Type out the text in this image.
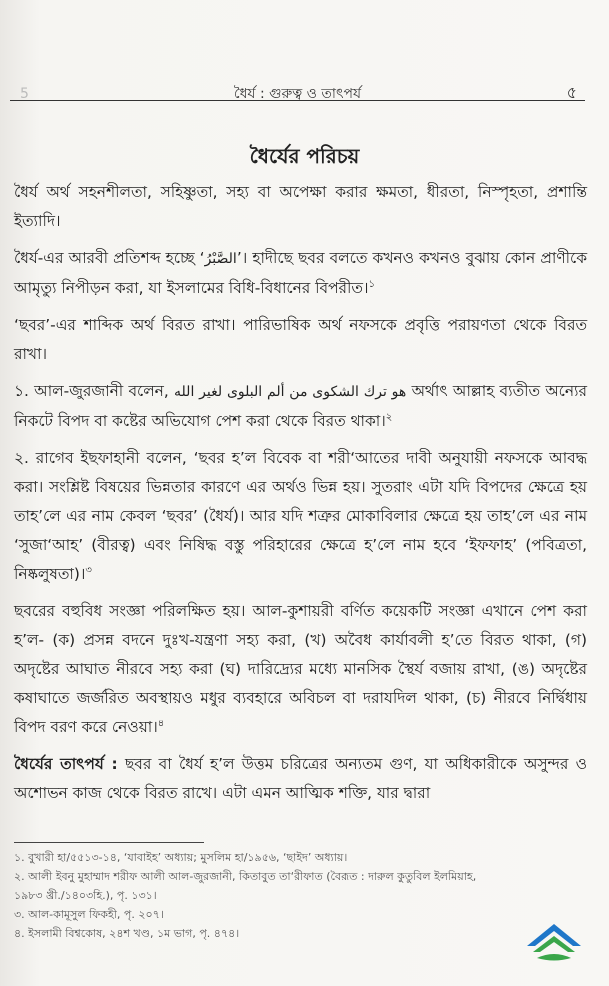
5	ধৈর্য : গুরুত্ব ও তাৎপর্য	৫
ধৈর্যের পরিচয়

ধৈর্য অর্থ সহনশীলতা, সহিষ্ণুতা, সহ্য বা অপেক্ষা করার ক্ষমতা, ধীরতা, নিস্পৃহতা, প্রশান্তি ইত্যাদি।

ধৈর্য-এর আরবী প্রতিশব্দ হচ্ছে ‘الصَّبْرُ’। হাদীছে ছবর বলতে কখনও কখনও বুঝায় কোন প্রাণীকে আমৃত্যু নিপীড়ন করা, যা ইসলামের বিধি-বিধানের বিপরীত।$^১$

‘ছবর’-এর শাব্দিক অর্থ বিরত রাখা। পারিভাষিক অর্থ নফসকে প্রবৃত্তি পরায়ণতা থেকে বিরত রাখা।

১. আল-জুরজানী বলেন, هو ترك الشكوى من ألم البلوى لغير الله অর্থাৎ আল্লাহ ব্যতীত অন্যের নিকটে বিপদ বা কষ্টের অভিযোগ পেশ করা থেকে বিরত থাকা।$^২$

২. রাগেব ইছফাহানী বলেন, ‘ছবর হ’ল বিবেক বা শরী‘আতের দাবী অনুযায়ী নফসকে আবদ্ধ করা। সংশ্লিষ্ট বিষয়ের ভিন্নতার কারণে এর অর্থও ভিন্ন হয়। সুতরাং এটা যদি বিপদের ক্ষেত্রে হয় তাহ’লে এর নাম কেবল ‘ছবর’ (ধৈর্য)। আর যদি শত্রুর মোকাবিলার ক্ষেত্রে হয় তাহ’লে এর নাম ‘সুজা‘আহ’ (বীরত্ব) এবং নিষিদ্ধ বস্তু পরিহারের ক্ষেত্রে হ’লে নাম হবে ‘ইফফাহ’ (পবিত্রতা, নিষ্কলুষতা)।$^৩$

ছবরের বহুবিধ সংজ্ঞা পরিলক্ষিত হয়। আল-কুশায়রী বর্ণিত কয়েকটি সংজ্ঞা এখানে পেশ করা হ’ল- (ক) প্রসন্ন বদনে দুঃখ-যন্ত্রণা সহ্য করা, (খ) অবৈধ কার্যাবলী হ’তে বিরত থাকা, (গ) অদৃষ্টের আঘাত নীরবে সহ্য করা (ঘ) দারিদ্র্যের মধ্যে মানসিক স্থৈর্য বজায় রাখা, (ঙ) অদৃষ্টের কষাঘাতে জর্জরিত অবস্থায়ও মধুর ব্যবহারে অবিচল বা দরাযদিল থাকা, (চ) নীরবে নির্দ্বিধায় বিপদ বরণ করে নেওয়া।$^৪$

ধৈর্যের তাৎপর্য : ছবর বা ধৈর্য হ’ল উত্তম চরিত্রের অন্যতম গুণ, যা অধিকারীকে অসুন্দর ও অশোভন কাজ থেকে বিরত রাখে। এটা এমন আত্মিক শক্তি, যার দ্বারা

১. বুখারী হা/৫৫১৩-১৪, ‘যাবাইহ’ অধ্যায়; মুসলিম হা/১৯৫৬, ‘ছাইদ’ অধ্যায়।
২. আলী ইবনু মুহাম্মাদ শরীফ আলী আল-জুরজানী, কিতাবুত তা‘রীফাত (বৈরূত : দারুল কুতুবিল ইলমিয়াহ,
১৯৮৩ খ্রী./১৪০৩হি.), পৃ. ১৩১।
৩. আল-কামূসুল ফিকহী, পৃ. ২০৭।
৪. ইসলামী বিশ্বকোষ, ২৪শ খণ্ড, ১ম ভাগ, পৃ. ৪৭৪।
